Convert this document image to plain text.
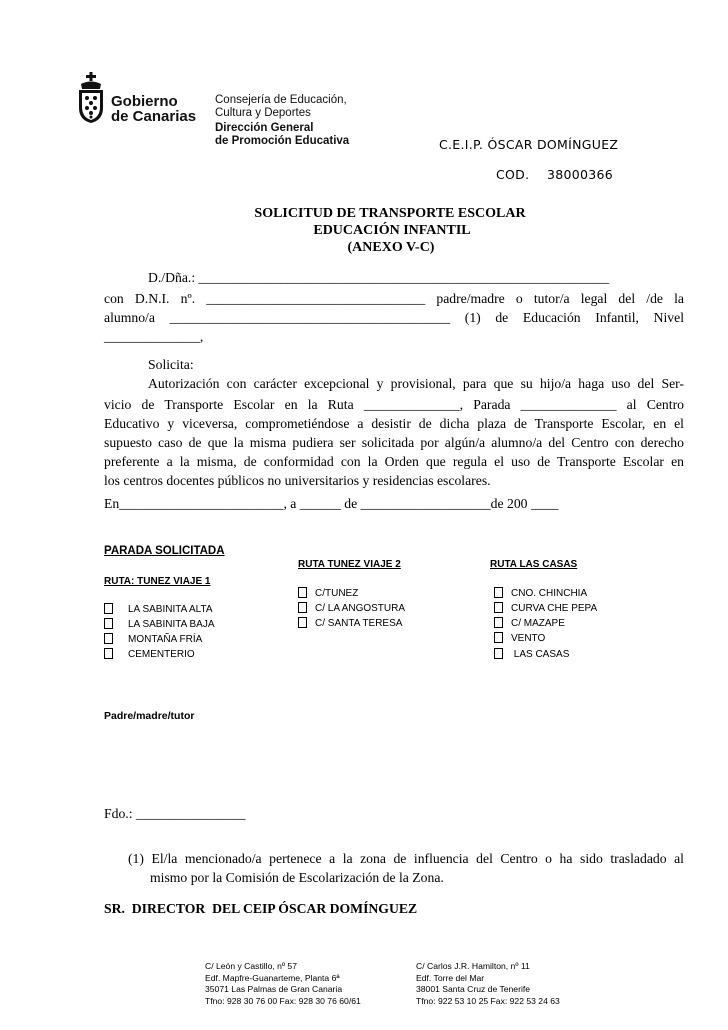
Gobierno
de Canarias
Consejería de Educación,
Cultura y Deportes
Dirección General
de Promoción Educativa	C.E.I.P. ÓSCAR DOMÍNGUEZ
COD. 38000366
SOLICITUD DE TRANSPORTE ESCOLAR
EDUCACIÓN INFANTIL
(ANEXO V-C)
D./Dña.: ____________________________________________________________
con D.N.I. nº. ________________________________ padre/madre o tutor/a legal del /de la
alumno/a _________________________________________ (1) de Educación Infantil, Nivel
______________,
Solicita:
Autorización con carácter excepcional y provisional, para que su hijo/a haga uso del Ser-
vicio de Transporte Escolar en la Ruta ______________, Parada ______________ al Centro
Educativo y viceversa, comprometiéndose a desistir de dicha plaza de Transporte Escolar, en el
supuesto caso de que la misma pudiera ser solicitada por algún/a alumno/a del Centro con derecho
preferente a la misma, de conformidad con la Orden que regula el uso de Transporte Escolar en
los centros docentes públicos no universitarios y residencias escolares.
En________________________, a ______ de ___________________de 200 ____
PARADA SOLICITADA
RUTA: TUNEZ VIAJE 1
RUTA TUNEZ VIAJE 2	RUTA LAS CASAS
LA SABINITA ALTA
LA SABINITA BAJA
MONTAÑA FRÍA
CEMENTERIO
C/TUNEZ
C/ LA ANGOSTURA
C/ SANTA TERESA
CNO. CHINCHIA
CURVA CHE PEPA
C/ MAZAPE
VENTO
LAS CASAS
Padre/madre/tutor
Fdo.: ________________
(1) El/la mencionado/a pertenece a la zona de influencia del Centro o ha sido trasladado al
mismo por la Comisión de Escolarización de la Zona.
SR.  DIRECTOR  DEL CEIP ÓSCAR DOMÍNGUEZ
C/ León y Castillo, nº 57
Edf. Mapfre-Guanarteme, Planta 6ª
35071 Las Palmas de Gran Canaria
Tfno: 928 30 76 00 Fax: 928 30 76 60/61
C/ Carlos J.R. Hamilton, nº 11
Edf. Torre del Mar
38001 Santa Cruz de Tenerife
Tfno: 922 53 10 25 Fax: 922 53 24 63
